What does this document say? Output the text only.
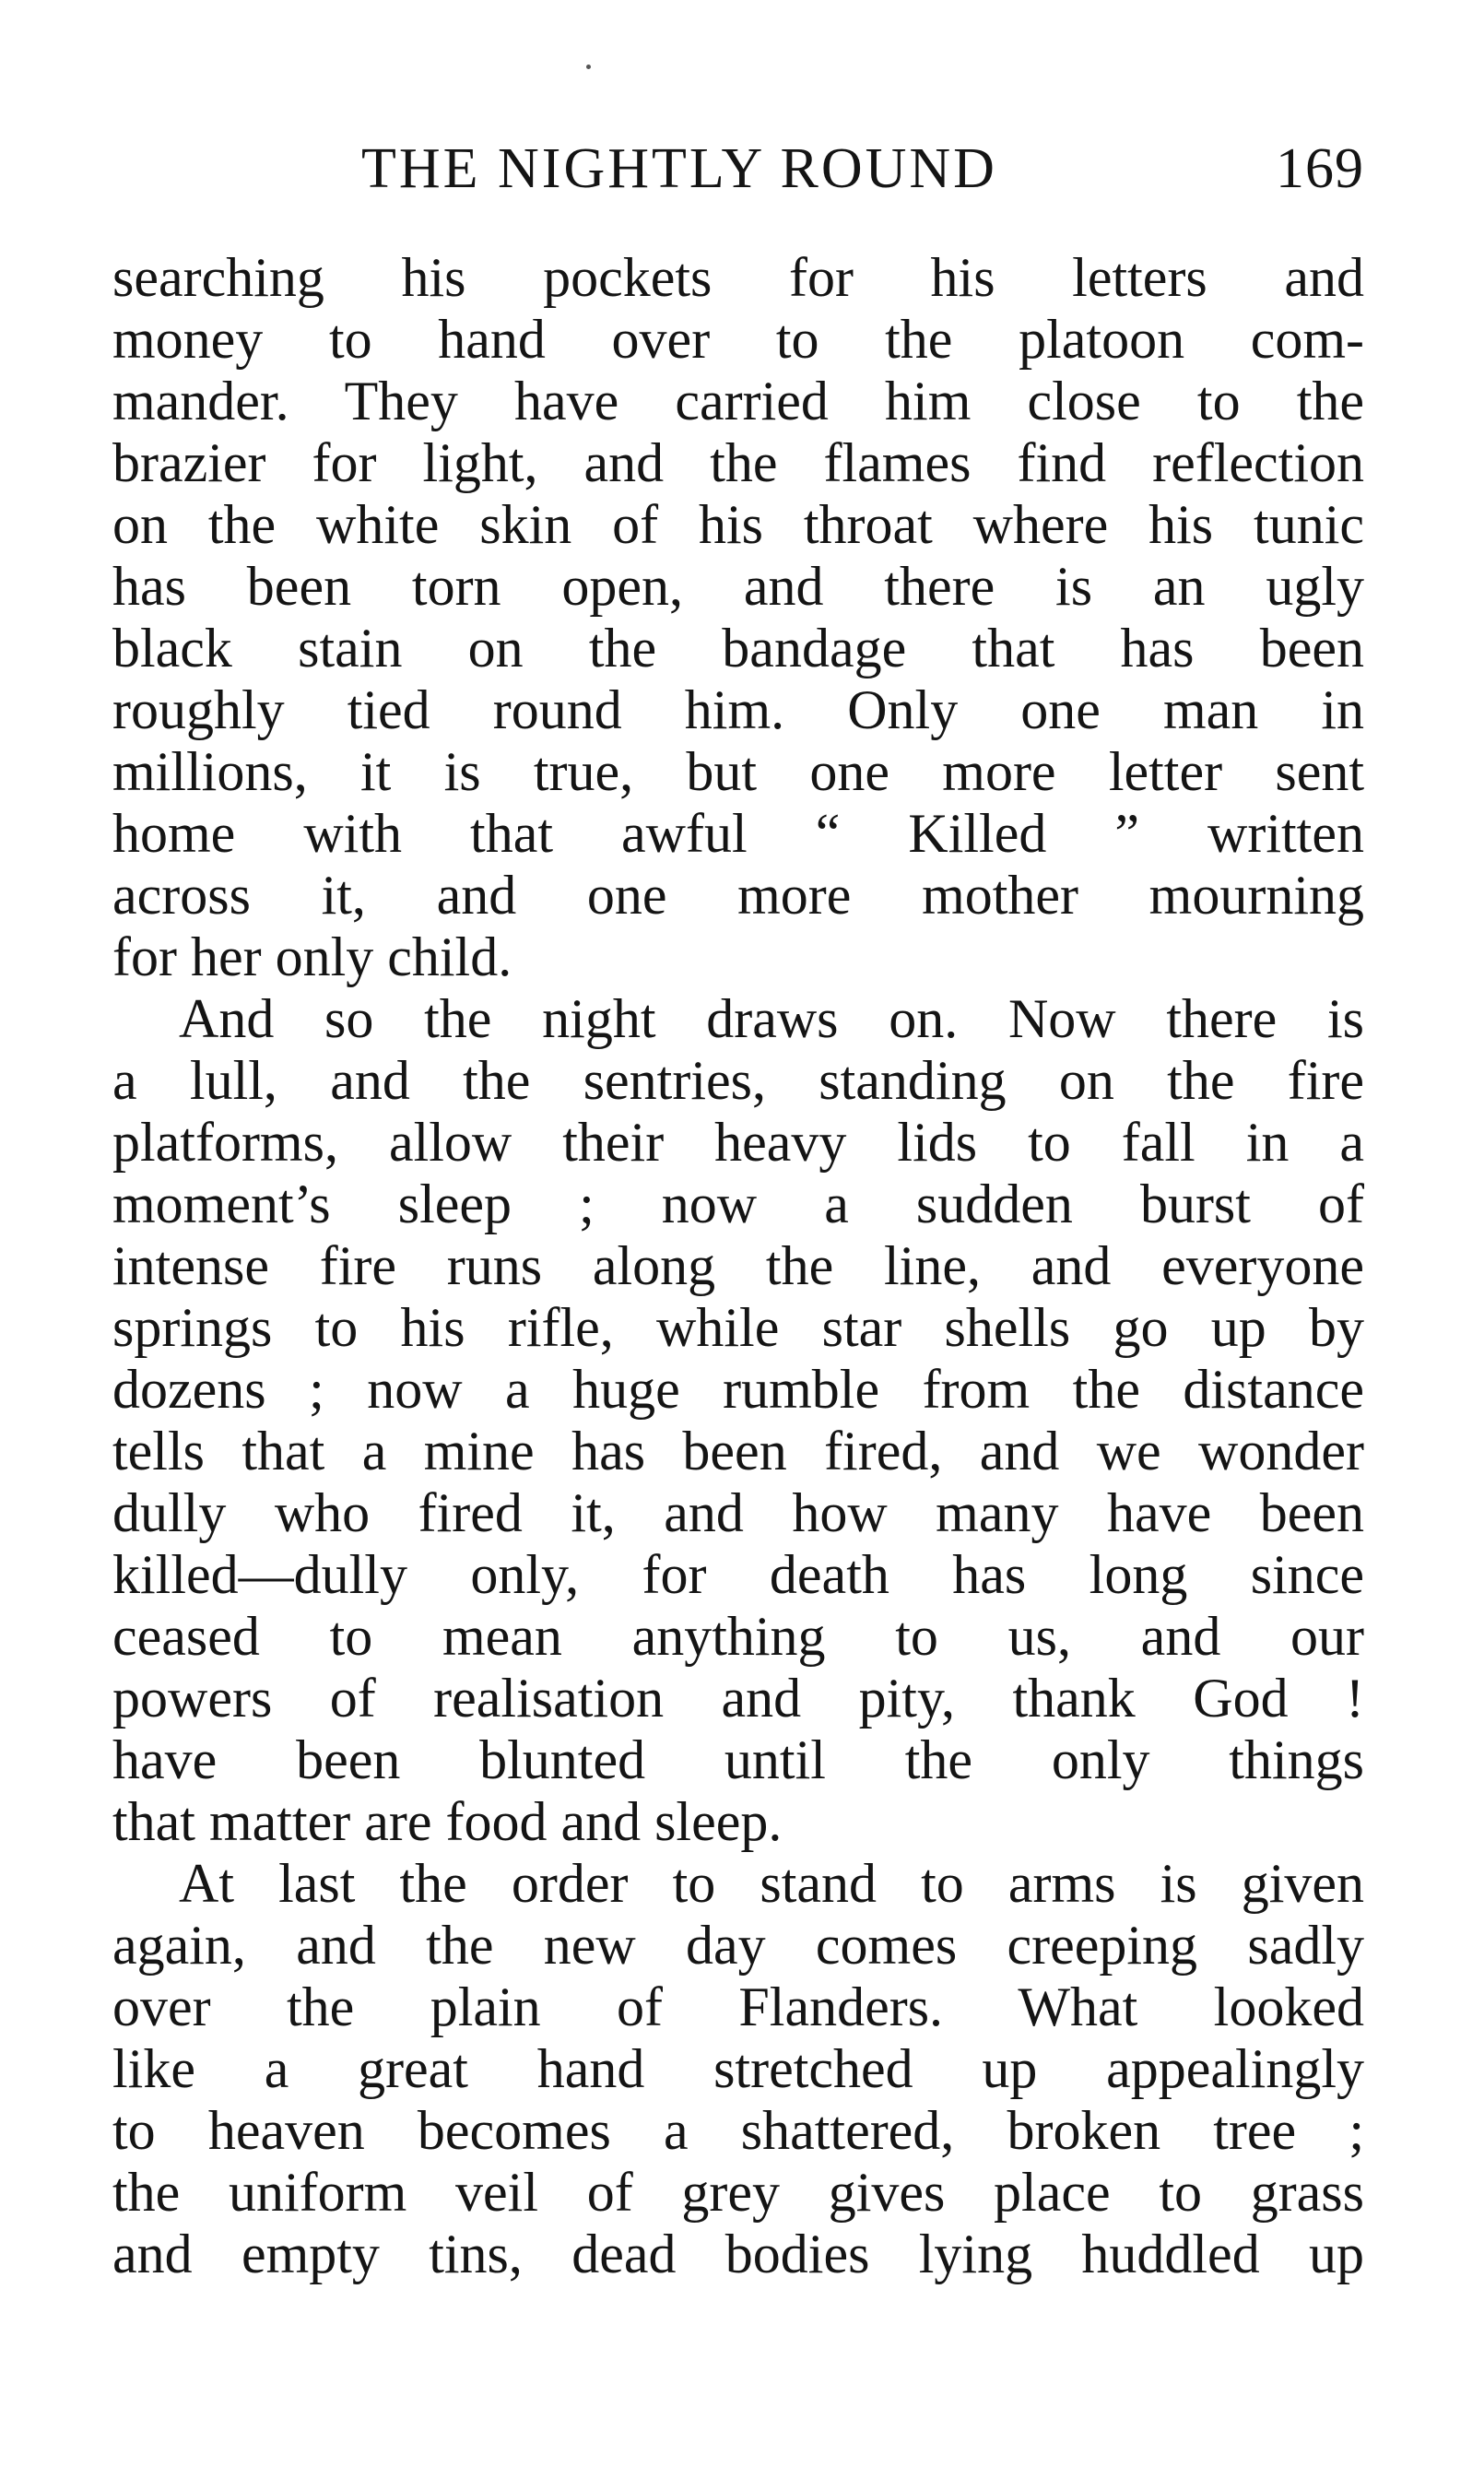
THE NIGHTLY ROUND	169
searching his pockets for his letters and
money to hand over to the platoon com-
mander. They have carried him close to the
brazier for light, and the flames find reflection
on the white skin of his throat where his tunic
has been torn open, and there is an ugly
black stain on the bandage that has been
roughly tied round him. Only one man in
millions, it is true, but one more letter sent
home with that awful “ Killed ” written
across it, and one more mother mourning
for her only child.
And so the night draws on. Now there is
a lull, and the sentries, standing on the fire
platforms, allow their heavy lids to fall in a
moment’s sleep ; now a sudden burst of
intense fire runs along the line, and everyone
springs to his rifle, while star shells go up by
dozens ; now a huge rumble from the distance
tells that a mine has been fired, and we wonder
dully who fired it, and how many have been
killed—dully only, for death has long since
ceased to mean anything to us, and our
powers of realisation and pity, thank God !
have been blunted until the only things
that matter are food and sleep.
At last the order to stand to arms is given
again, and the new day comes creeping sadly
over the plain of Flanders. What looked
like a great hand stretched up appealingly
to heaven becomes a shattered, broken tree ;
the uniform veil of grey gives place to grass
and empty tins, dead bodies lying huddled up
